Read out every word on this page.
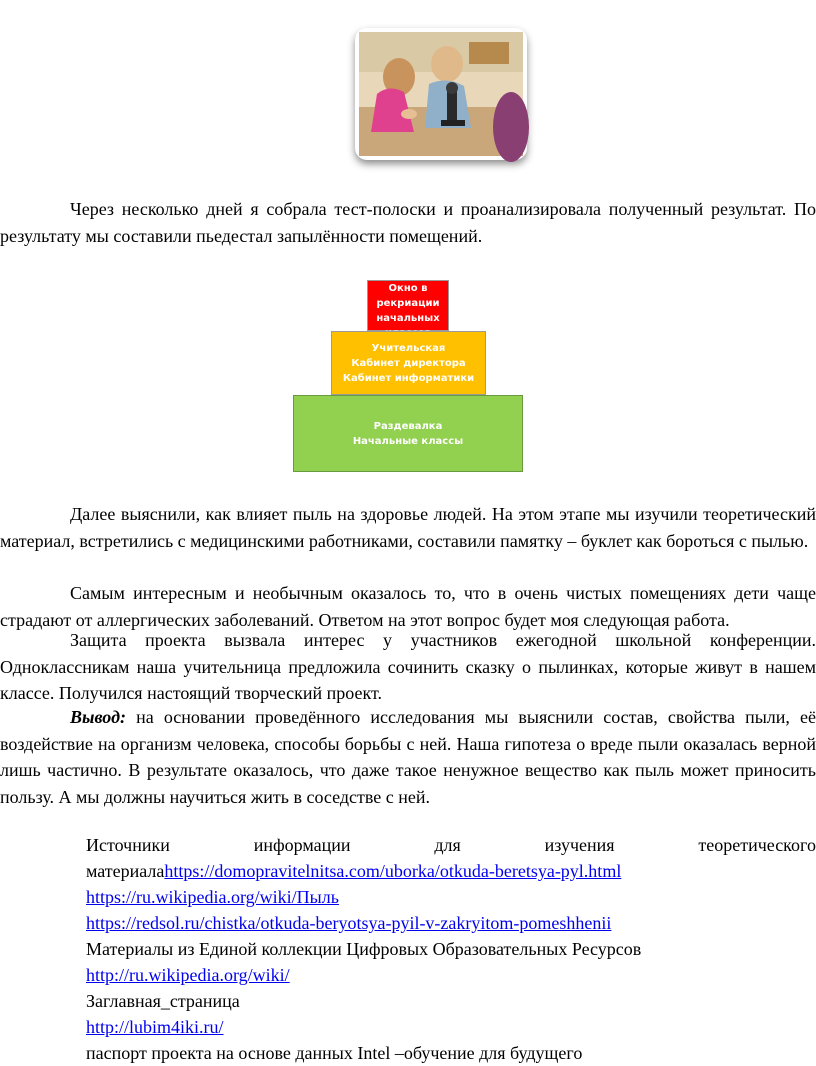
Через несколько дней я собрала тест-полоски и проанализировала полученный результат. По результату мы составили пьедестал запылённости помещений.

Окно в
рекриации
начальных

Учительская
Кабинет директора
Кабинет информатики
Раздевалка
Начальные классы

Далее выяснили, как влияет пыль на здоровье людей. На этом этапе мы изучили теоретический материал, встретились с медицинскими работниками, составили памятку – буклет как бороться с пылью.

Самым интересным и необычным оказалось то, что в очень чистых помещениях дети чаще страдают от аллергических заболеваний. Ответом на этот вопрос будет моя следующая работа.

Защита проекта вызвала интерес у участников ежегодной школьной конференции. Одноклассникам наша учительница предложила сочинить сказку о пылинках, которые живут в нашем классе. Получился настоящий творческий проект.

Вывод: на основании проведённого исследования мы выяснили состав, свойства пыли, её воздействие на организм человека, способы борьбы с ней. Наша гипотеза о вреде пыли оказалась верной лишь частично. В результате оказалось, что даже такое ненужное вещество как пыль может приносить пользу. А мы должны научиться жить в соседстве с ней.

Источники	информации	для	изучения	теоретического

материалаhttps://domopravitelnitsa.com/uborka/otkuda-beretsya-pyl.html

https://ru.wikipedia.org/wiki/Пыль

https://redsol.ru/chistka/otkuda-beryotsya-pyil-v-zakryitom-pomeshhenii

Материалы из Единой коллекции Цифровых Образовательных Ресурсов

http://ru.wikipedia.org/wiki/

Заглавная_страница

http://lubim4iki.ru/

паспорт проекта на основе данных Intel –обучение для будущего
